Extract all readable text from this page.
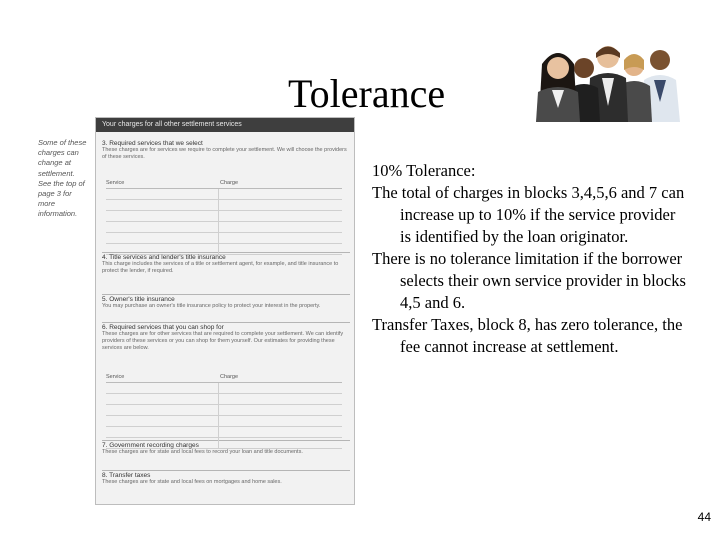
Tolerance
Some of these charges can change at settlement. See the top of page 3 for more information.
Your charges for all other settlement services
3. Required services that we select
These charges are for services we require to complete your settlement. We will choose the providers of these services.
Service	Charge
4. Title services and lender's title insurance
This charge includes the services of a title or settlement agent, for example, and title insurance to protect the lender, if required.
5. Owner's title insurance
You may purchase an owner's title insurance policy to protect your interest in the property.
6. Required services that you can shop for
These charges are for other services that are required to complete your settlement. We can identify providers of these services or you can shop for them yourself. Our estimates for providing these services are below.
Service	Charge
7. Government recording charges
These charges are for state and local fees to record your loan and title documents.
8. Transfer taxes
These charges are for state and local fees on mortgages and home sales.

10% Tolerance:

The total of charges in blocks 3,4,5,6 and 7 can increase up to 10% if the service provider is identified by the loan originator.

There is no tolerance limitation if the borrower selects their own service provider in blocks 4,5 and 6.

Transfer Taxes, block 8, has zero tolerance, the fee cannot increase at settlement.

44
